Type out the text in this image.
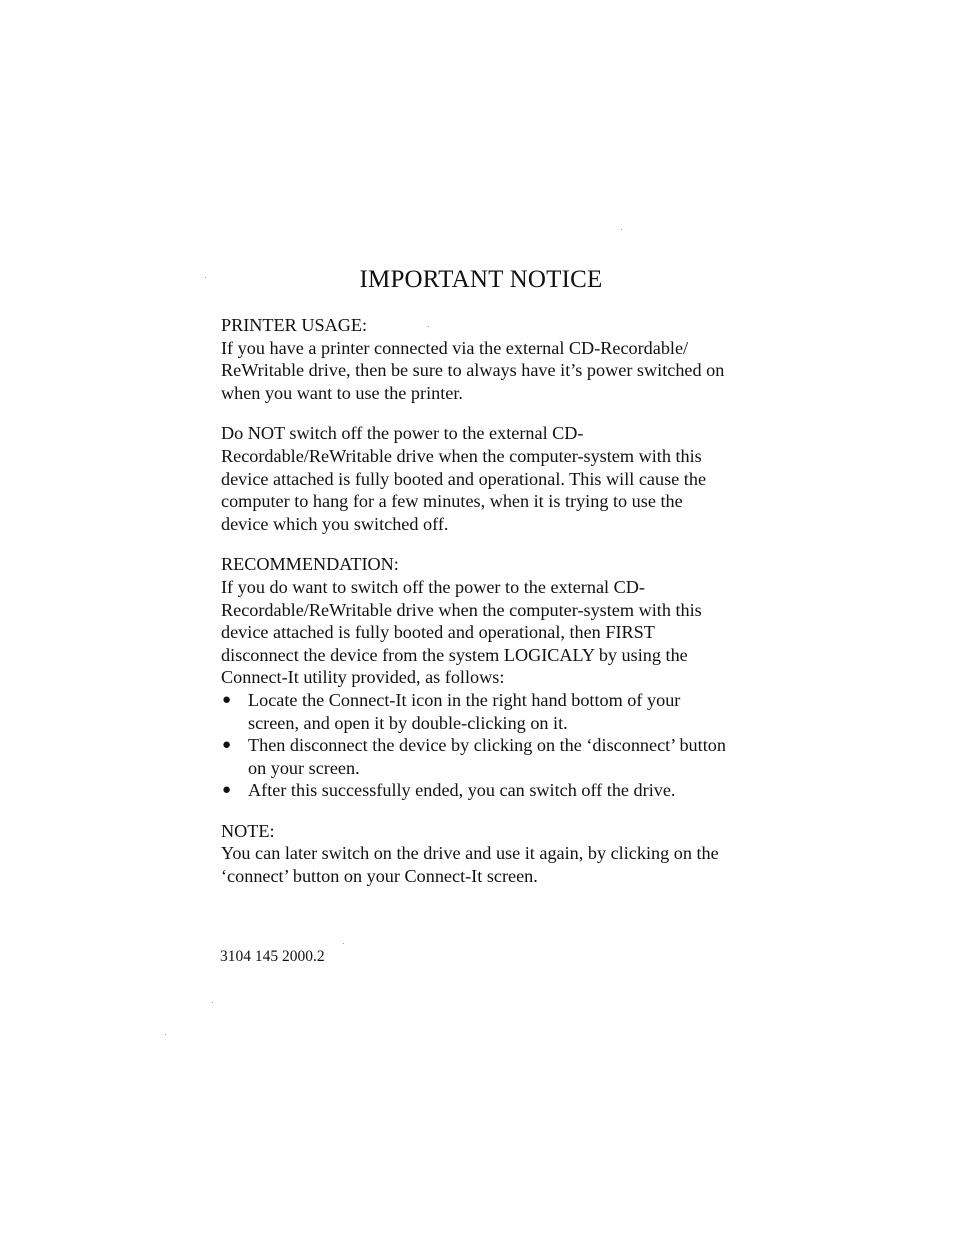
IMPORTANT NOTICE

PRINTER USAGE:

If you have a printer connected via the external CD-Recordable/

ReWritable drive, then be sure to always have it’s power switched on

when you want to use the printer.

Do NOT switch off the power to the external CD-

Recordable/ReWritable drive when the computer-system with this

device attached is fully booted and operational. This will cause the

computer to hang for a few minutes, when it is trying to use the

device which you switched off.

RECOMMENDATION:

If you do want to switch off the power to the external CD-

Recordable/ReWritable drive when the computer-system with this

device attached is fully booted and operational, then FIRST

disconnect the device from the system LOGICALY by using the

Connect-It utility provided, as follows:

● Locate the Connect-It icon in the right hand bottom of your

screen, and open it by double-clicking on it.

● Then disconnect the device by clicking on the ‘disconnect’ button

on your screen.

● After this successfully ended, you can switch off the drive.

NOTE:

You can later switch on the drive and use it again, by clicking on the

‘connect’ button on your Connect-It screen.

3104 145 2000.2
